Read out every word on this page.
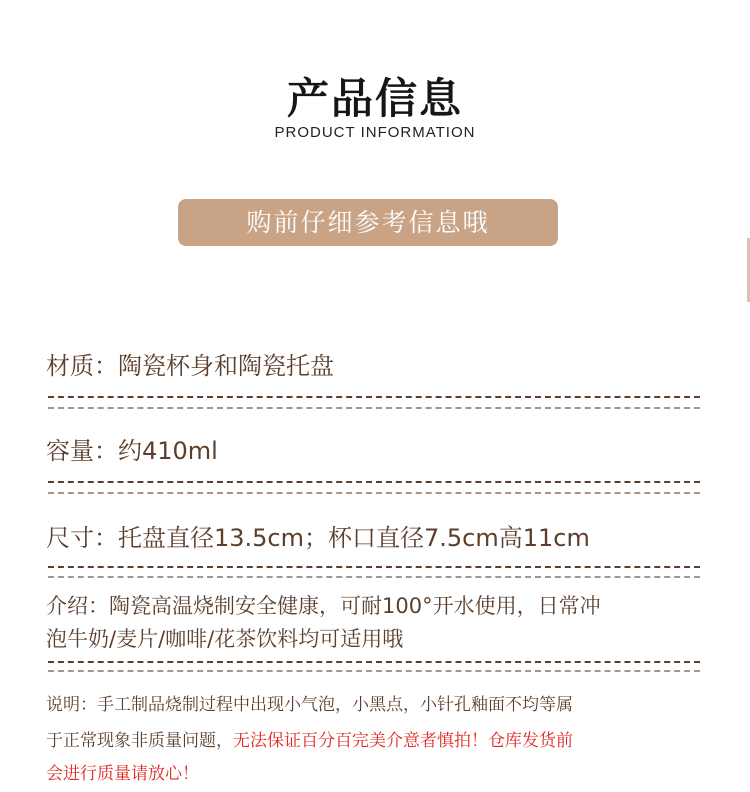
产品信息
PRODUCT INFORMATION
购前仔细参考信息哦
材质：陶瓷杯身和陶瓷托盘
容量：约410ml
尺寸：托盘直径13.5cm；杯口直径7.5cm高11cm
介绍：陶瓷高温烧制安全健康，可耐100°开水使用，日常冲
泡牛奶/麦片/咖啡/花茶饮料均可适用哦
说明：手工制品烧制过程中出现小气泡，小黑点，小针孔釉面不均等属
于正常现象非质量问题，无法保证百分百完美介意者慎拍！仓库发货前
会进行质量请放心！
